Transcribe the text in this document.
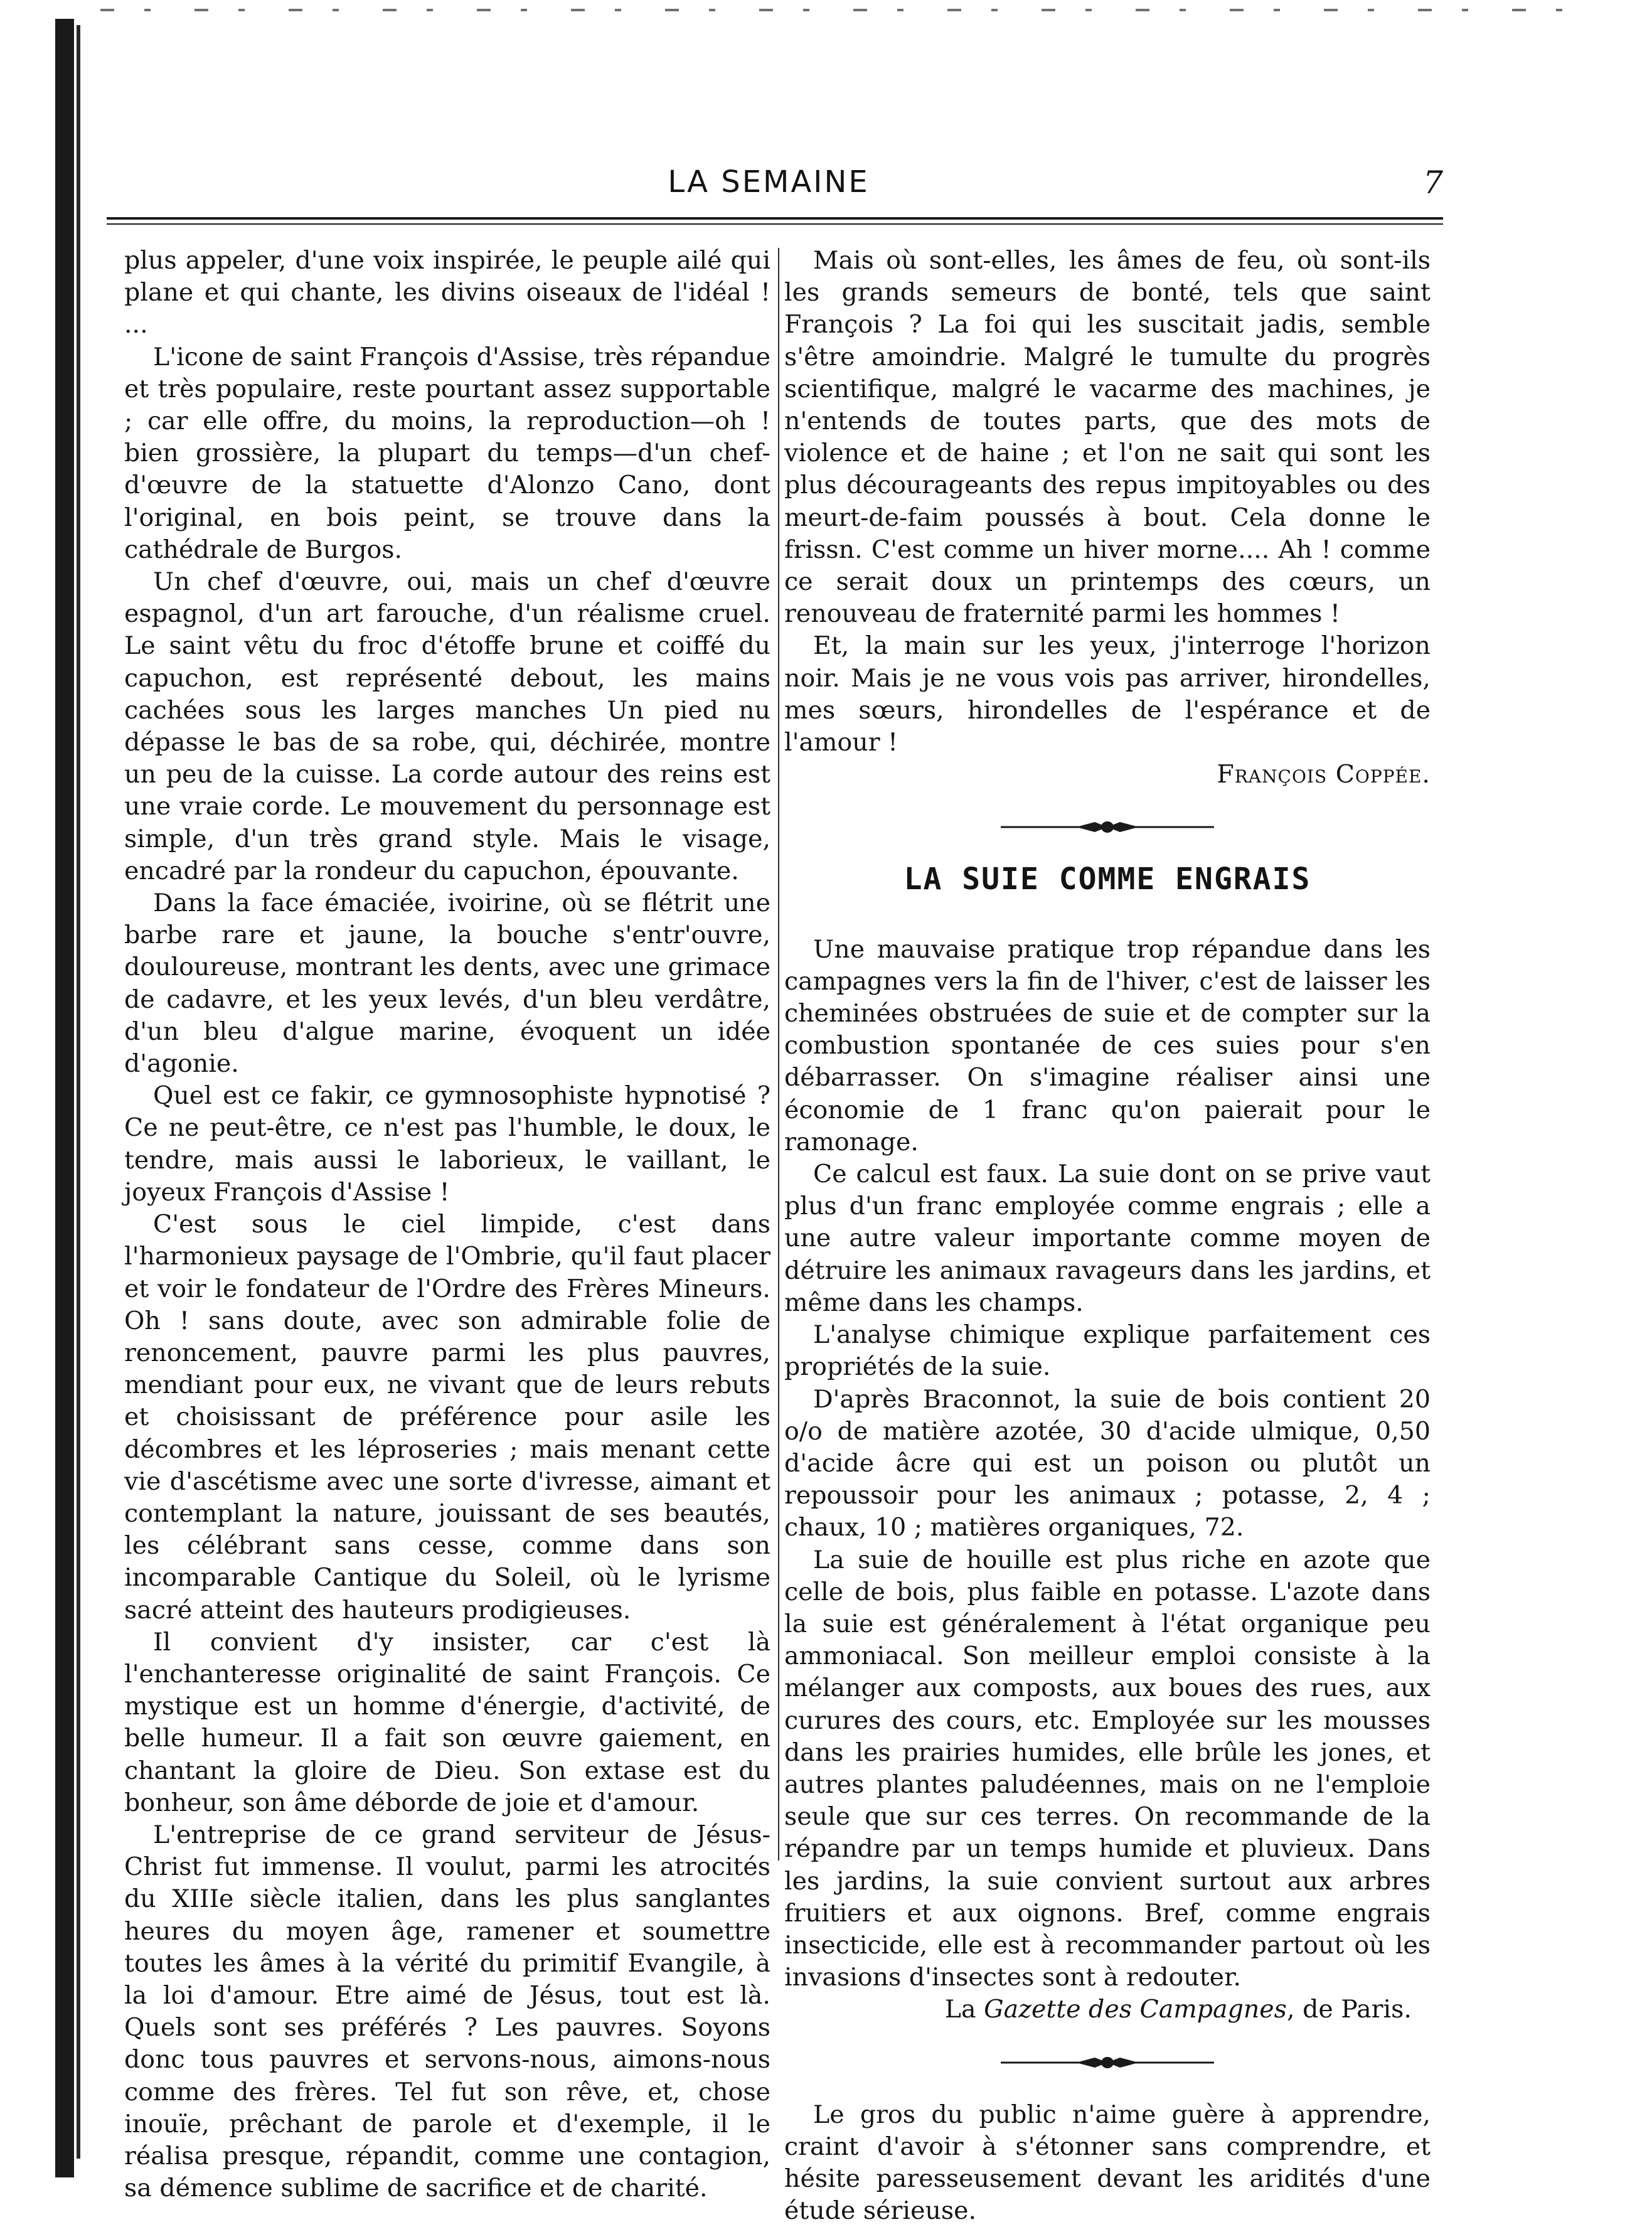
LA SEMAINE	7

plus appeler, d'une voix inspirée, le peuple ailé qui plane et qui chante, les divins oiseaux de l'idéal ! ...

L'icone de saint François d'Assise, très répandue et très populaire, reste pourtant assez supportable ; car elle offre, du moins, la reproduction—oh ! bien grossière, la plupart du temps—d'un chef-d'œuvre de la statuette d'Alonzo Cano, dont l'original, en bois peint, se trouve dans la cathédrale de Burgos.

Un chef d'œuvre, oui, mais un chef d'œuvre espagnol, d'un art farouche, d'un réalisme cruel. Le saint vêtu du froc d'étoffe brune et coiffé du capuchon, est représenté debout, les mains cachées sous les larges manches Un pied nu dépasse le bas de sa robe, qui, déchirée, montre un peu de la cuisse. La corde autour des reins est une vraie corde. Le mouvement du personnage est simple, d'un très grand style. Mais le visage, encadré par la rondeur du capuchon, épouvante.

Dans la face émaciée, ivoirine, où se flétrit une barbe rare et jaune, la bouche s'entr'ouvre, douloureuse, montrant les dents, avec une grimace de cadavre, et les yeux levés, d'un bleu verdâtre, d'un bleu d'algue marine, évoquent un idée d'agonie.

Quel est ce fakir, ce gymnosophiste hypnotisé ? Ce ne peut-être, ce n'est pas l'humble, le doux, le tendre, mais aussi le laborieux, le vaillant, le joyeux François d'Assise !

C'est sous le ciel limpide, c'est dans l'harmonieux paysage de l'Ombrie, qu'il faut placer et voir le fondateur de l'Ordre des Frères Mineurs. Oh ! sans doute, avec son admirable folie de renoncement, pauvre parmi les plus pauvres, mendiant pour eux, ne vivant que de leurs rebuts et choisissant de préférence pour asile les décombres et les léproseries ; mais menant cette vie d'ascétisme avec une sorte d'ivresse, aimant et contemplant la nature, jouissant de ses beautés, les célébrant sans cesse, comme dans son incomparable Cantique du Soleil, où le lyrisme sacré atteint des hauteurs prodigieuses.

Il convient d'y insister, car c'est là l'enchanteresse originalité de saint François. Ce mystique est un homme d'énergie, d'activité, de belle humeur. Il a fait son œuvre gaiement, en chantant la gloire de Dieu. Son extase est du bonheur, son âme déborde de joie et d'amour.

L'entreprise de ce grand serviteur de Jésus-Christ fut immense. Il voulut, parmi les atrocités du XIIIe siècle italien, dans les plus sanglantes heures du moyen âge, ramener et soumettre toutes les âmes à la vérité du primitif Evangile, à la loi d'amour. Etre aimé de Jésus, tout est là. Quels sont ses préférés ? Les pauvres. Soyons donc tous pauvres et servons-nous, aimons-nous comme des frères. Tel fut son rêve, et, chose inouïe, prêchant de parole et d'exemple, il le réalisa presque, répandit, comme une contagion, sa démence sublime de sacrifice et de charité.

Mais où sont-elles, les âmes de feu, où sont-ils les grands semeurs de bonté, tels que saint François ? La foi qui les suscitait jadis, semble s'être amoindrie. Malgré le tumulte du progrès scientifique, malgré le vacarme des machines, je n'entends de toutes parts, que des mots de violence et de haine ; et l'on ne sait qui sont les plus décourageants des repus impitoyables ou des meurt-de-faim poussés à bout. Cela donne le frissn. C'est comme un hiver morne.... Ah ! comme ce serait doux un printemps des cœurs, un renouveau de fraternité parmi les hommes !

Et, la main sur les yeux, j'interroge l'horizon noir. Mais je ne vous vois pas arriver, hirondelles, mes sœurs, hirondelles de l'espérance et de l'amour !

François Coppée.

LA SUIE COMME ENGRAIS

Une mauvaise pratique trop répandue dans les campagnes vers la fin de l'hiver, c'est de laisser les cheminées obstruées de suie et de compter sur la combustion spontanée de ces suies pour s'en débarrasser. On s'imagine réaliser ainsi une économie de 1 franc qu'on paierait pour le ramonage.

Ce calcul est faux. La suie dont on se prive vaut plus d'un franc employée comme engrais ; elle a une autre valeur importante comme moyen de détruire les animaux ravageurs dans les jardins, et même dans les champs.

L'analyse chimique explique parfaitement ces propriétés de la suie.

D'après Braconnot, la suie de bois contient 20 o/o de matière azotée, 30 d'acide ulmique, 0,50 d'acide âcre qui est un poison ou plutôt un repoussoir pour les animaux ; potasse, 2, 4 ; chaux, 10 ; matières organiques, 72.

La suie de houille est plus riche en azote que celle de bois, plus faible en potasse. L'azote dans la suie est généralement à l'état organique peu ammoniacal. Son meilleur emploi consiste à la mélanger aux composts, aux boues des rues, aux curures des cours, etc. Employée sur les mousses dans les prairies humides, elle brûle les jones, et autres plantes paludéennes, mais on ne l'emploie seule que sur ces terres. On recommande de la répandre par un temps humide et pluvieux. Dans les jardins, la suie convient surtout aux arbres fruitiers et aux oignons. Bref, comme engrais insecticide, elle est à recommander partout où les invasions d'insectes sont à redouter.

La Gazette des Campagnes, de Paris.

Le gros du public n'aime guère à apprendre, craint d'avoir à s'étonner sans comprendre, et hésite paresseusement devant les aridités d'une étude sérieuse.
